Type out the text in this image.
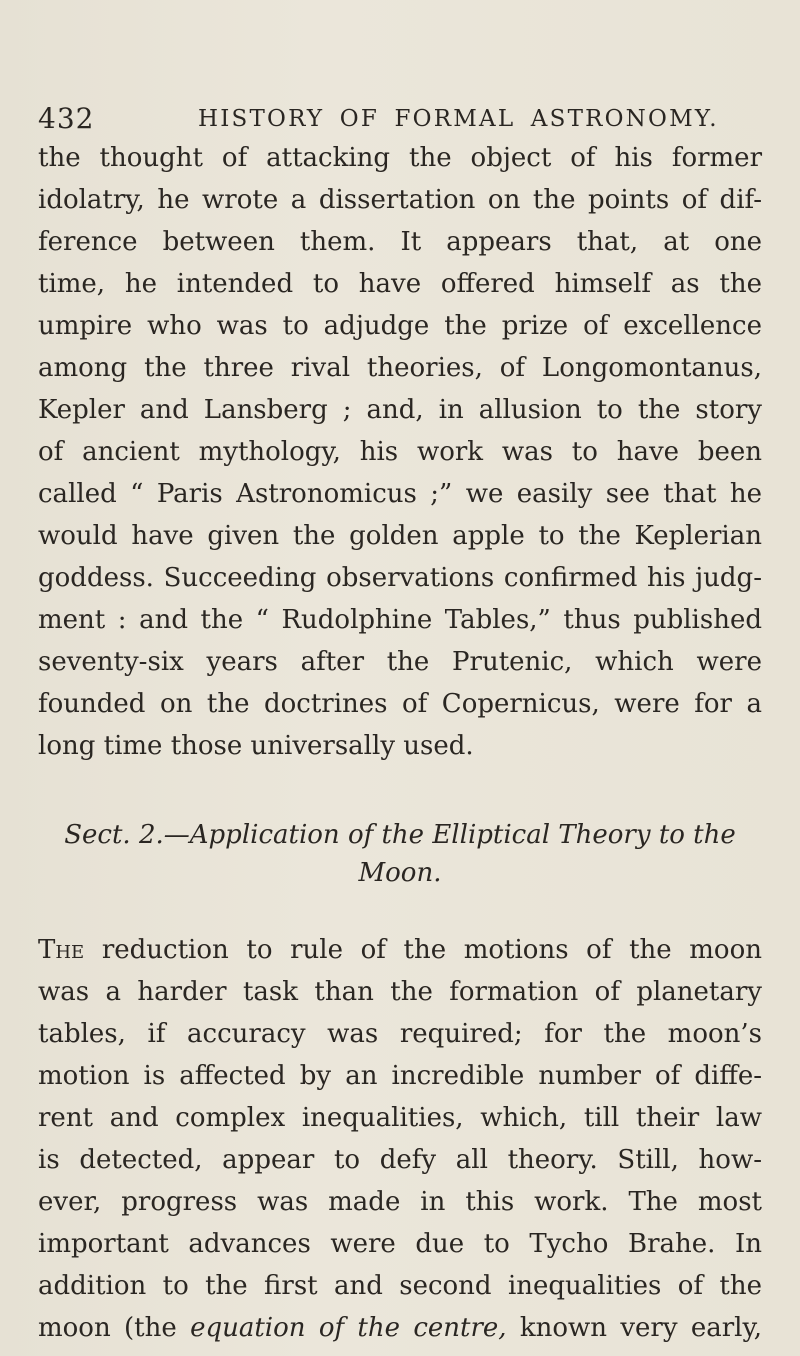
432	HISTORY OF FORMAL ASTRONOMY.
the thought of attacking the object of his former
idolatry, he wrote a dissertation on the points of dif-
ference between them. It appears that, at one
time, he intended to have offered himself as the
umpire who was to adjudge the prize of excellence
among the three rival theories, of Longomontanus,
Kepler and Lansberg ; and, in allusion to the story
of ancient mythology, his work was to have been
called “ Paris Astronomicus ;” we easily see that he
would have given the golden apple to the Keplerian
goddess. Succeeding observations confirmed his judg-
ment : and the “ Rudolphine Tables,” thus published
seventy-six years after the Prutenic, which were
founded on the doctrines of Copernicus, were for a
long time those universally used.
Sect. 2.—Application of the Elliptical Theory to the
Moon.
The reduction to rule of the motions of the moon
was a harder task than the formation of planetary
tables, if accuracy was required; for the moon’s
motion is affected by an incredible number of diffe-
rent and complex inequalities, which, till their law
is detected, appear to defy all theory. Still, how-
ever, progress was made in this work. The most
important advances were due to Tycho Brahe. In
addition to the first and second inequalities of the
moon (the equation of the centre, known very early,
